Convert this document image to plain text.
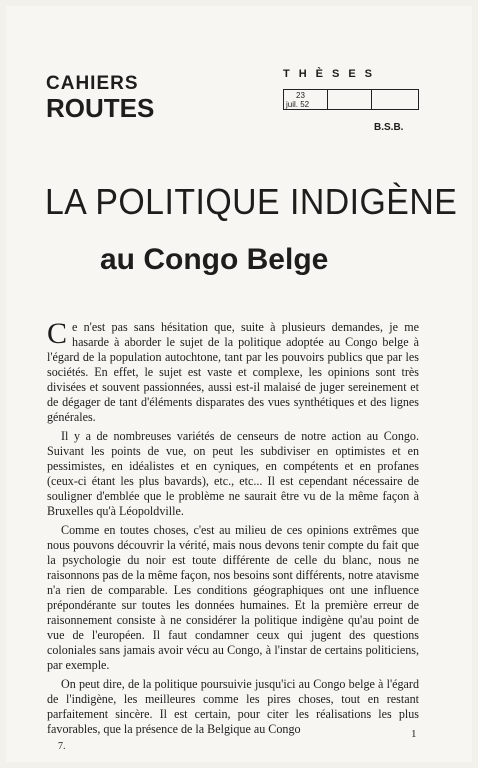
CAHIERS
ROUTES
THÈSES
23
juil. 52
B.S.B.
LA POLITIQUE INDIGÈNE
au Congo Belge

Ce n'est pas sans hésitation que, suite à plusieurs demandes, je me hasarde à aborder le sujet de la politique adoptée au Congo belge à l'égard de la population autochtone, tant par les pouvoirs publics que par les sociétés. En effet, le sujet est vaste et complexe, les opinions sont très divisées et souvent passionnées, aussi est-il malaisé de juger sereinement et de dégager de tant d'éléments disparates des vues synthétiques et des lignes générales.

Il y a de nombreuses variétés de censeurs de notre action au Congo. Suivant les points de vue, on peut les subdiviser en optimistes et en pessimistes, en idéalistes et en cyniques, en compétents et en profanes (ceux-ci étant les plus bavards), etc., etc... Il est cependant nécessaire de souligner d'emblée que le problème ne saurait être vu de la même façon à Bruxelles qu'à Léopoldville.

Comme en toutes choses, c'est au milieu de ces opinions extrêmes que nous pouvons découvrir la vérité, mais nous devons tenir compte du fait que la psychologie du noir est toute différente de celle du blanc, nous ne raisonnons pas de la même façon, nos besoins sont différents, notre atavisme n'a rien de comparable. Les conditions géographiques ont une influence prépondérante sur toutes les données humaines. Et la première erreur de raisonnement consiste à ne considérer la politique indigène qu'au point de vue de l'européen. Il faut condamner ceux qui jugent des questions coloniales sans jamais avoir vécu au Congo, à l'instar de certains politiciens, par exemple.

On peut dire, de la politique poursuivie jusqu'ici au Congo belge à l'égard de l'indigène, les meilleures comme les pires choses, tout en restant parfaitement sincère. Il est certain, pour citer les réalisations les plus favorables, que la présence de la Belgique au Congo

7.
1
